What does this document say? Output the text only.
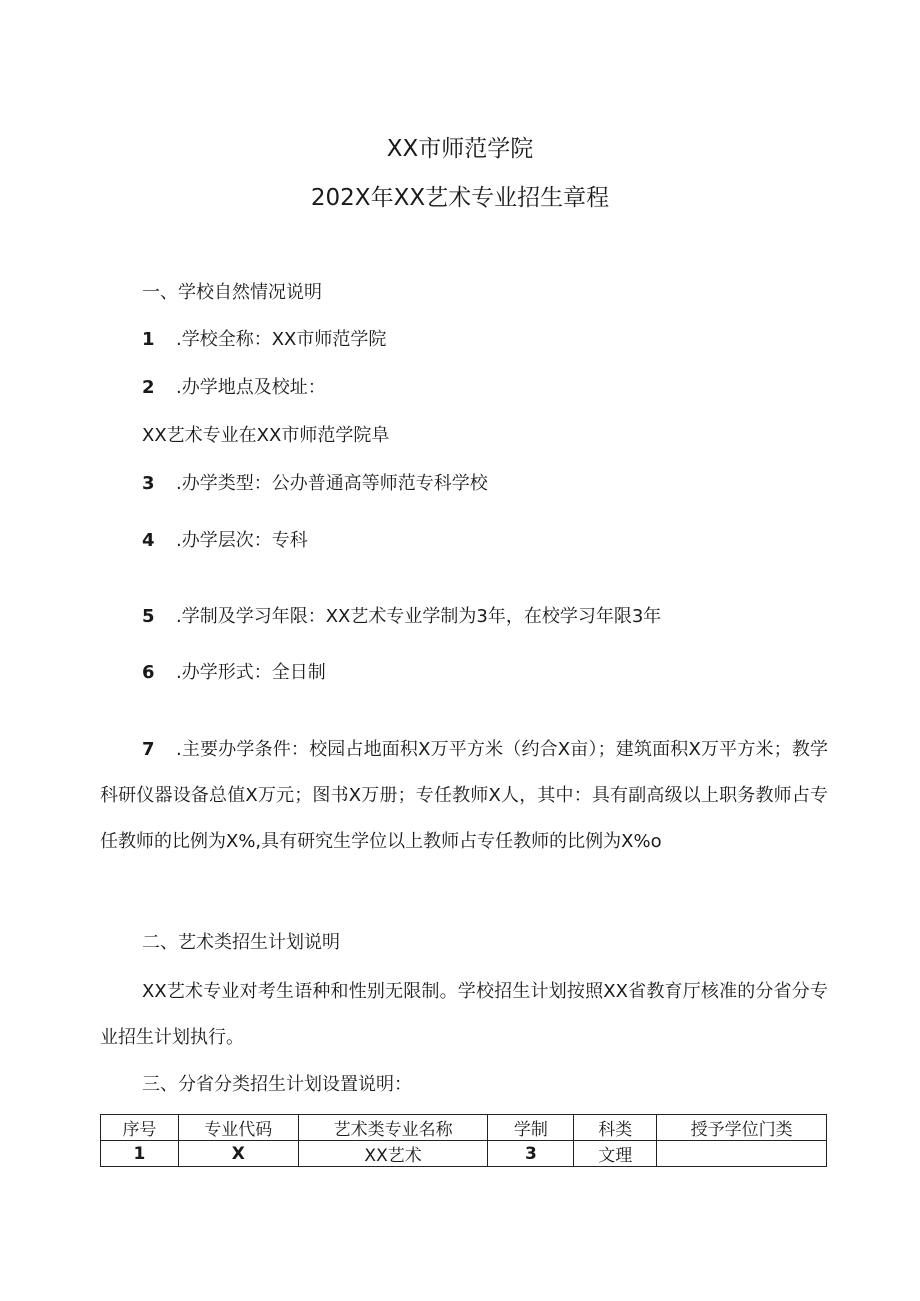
XX市师范学院
202X年XX艺术专业招生章程
一、学校自然情况说明
1 .学校全称：XX市师范学院
2 .办学地点及校址：
XX艺术专业在XX市师范学院阜
3 .办学类型：公办普通高等师范专科学校
4 .办学层次：专科
5 .学制及学习年限：XX艺术专业学制为3年，在校学习年限3年
6 .办学形式：全日制
7 .主要办学条件：校园占地面积X万平方米（约合X亩）；建筑面积X万平方米；教学科研仪器设备总值X万元；图书X万册；专任教师X人，其中：具有副高级以上职务教师占专任教师的比例为X%,具有研究生学位以上教师占专任教师的比例为X%o
二、艺术类招生计划说明
XX艺术专业对考生语种和性别无限制。学校招生计划按照XX省教育厅核准的分省分专业招生计划执行。
三、分省分类招生计划设置说明：
序号	专业代码	艺术类专业名称	学制	科类	授予学位门类
1	X	XX艺术	3	文理	
